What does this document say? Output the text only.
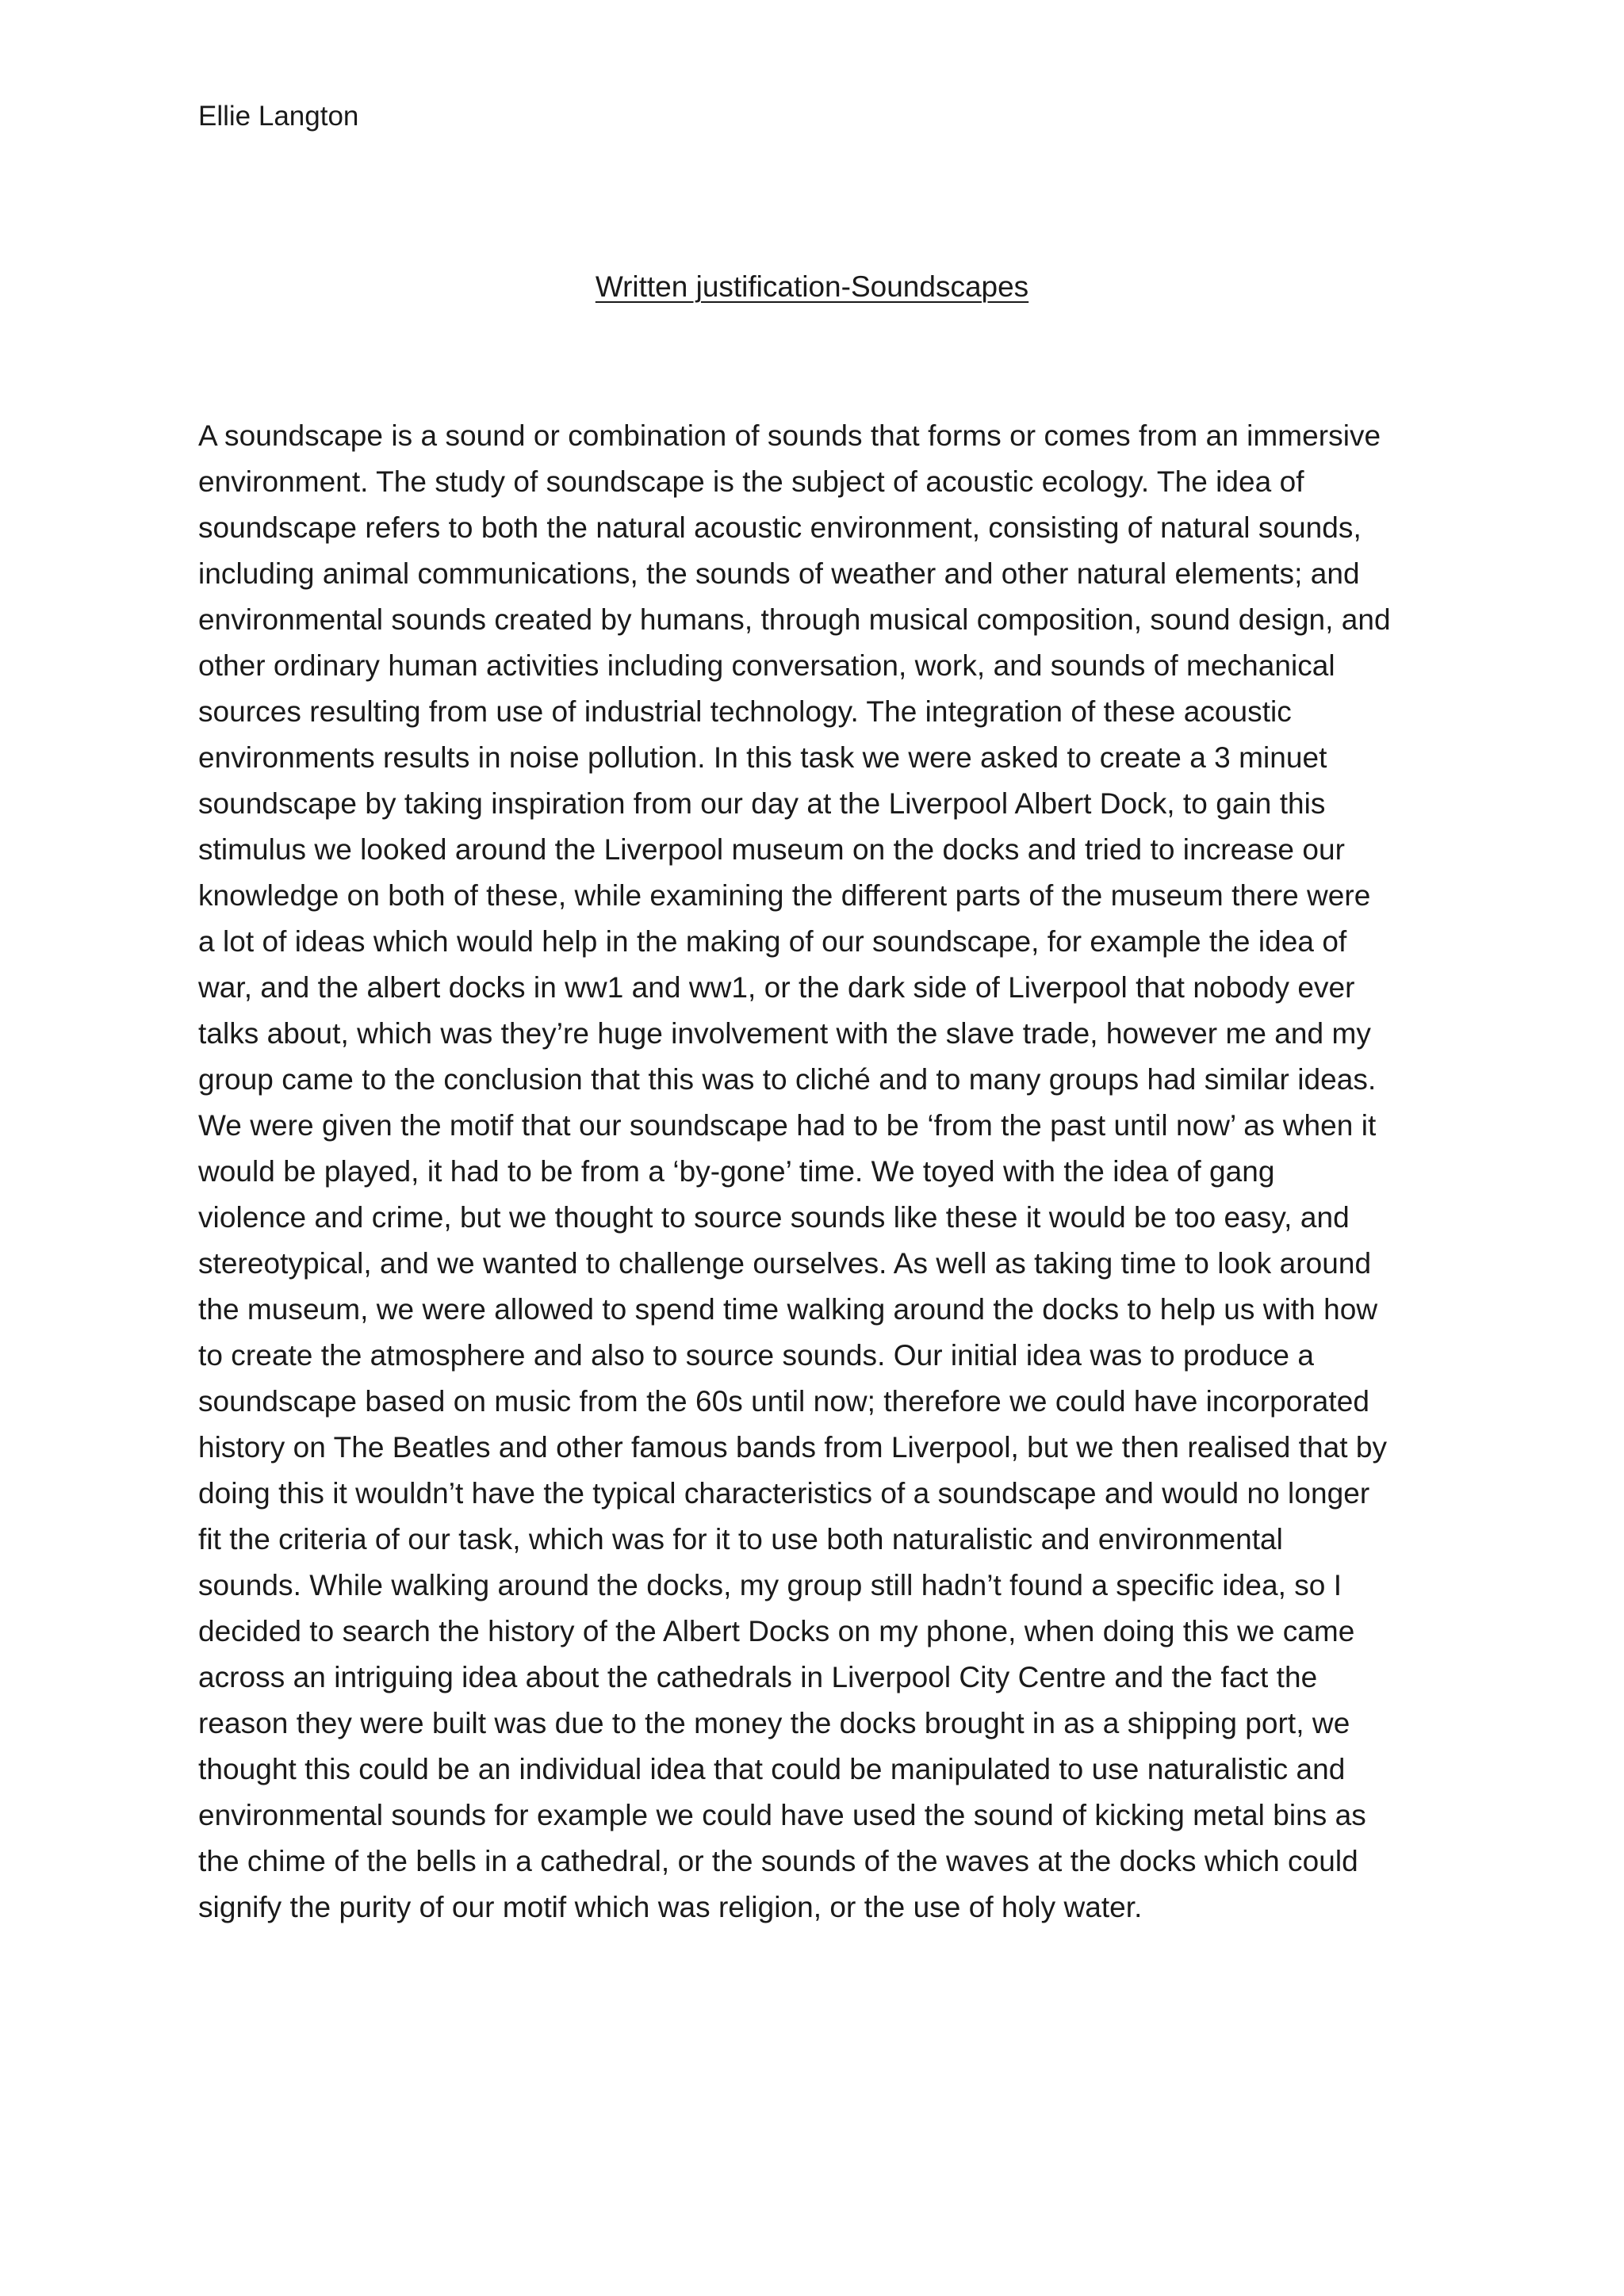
Ellie Langton

Written justification-Soundscapes
A soundscape is a sound or combination of sounds that forms or comes from an immersive
environment. The study of soundscape is the subject of acoustic ecology. The idea of
soundscape refers to both the natural acoustic environment, consisting of natural sounds,
including animal communications, the sounds of weather and other natural elements; and
environmental sounds created by humans, through musical composition, sound design, and
other ordinary human activities including conversation, work, and sounds of mechanical
sources resulting from use of industrial technology. The integration of these acoustic
environments results in noise pollution. In this task we were asked to create a 3 minuet
soundscape by taking inspiration from our day at the Liverpool Albert Dock, to gain this
stimulus we looked around the Liverpool museum on the docks and tried to increase our
knowledge on both of these, while examining the different parts of the museum there were
a lot of ideas which would help in the making of our soundscape, for example the idea of
war, and the albert docks in ww1 and ww1, or the dark side of Liverpool that nobody ever
talks about, which was they’re huge involvement with the slave trade, however me and my
group came to the conclusion that this was to cliché and to many groups had similar ideas.
We were given the motif that our soundscape had to be ‘from the past until now’ as when it
would be played, it had to be from a ‘by-gone’ time. We toyed with the idea of gang
violence and crime, but we thought to source sounds like these it would be too easy, and
stereotypical, and we wanted to challenge ourselves. As well as taking time to look around
the museum, we were allowed to spend time walking around the docks to help us with how
to create the atmosphere and also to source sounds. Our initial idea was to produce a
soundscape based on music from the 60s until now; therefore we could have incorporated
history on The Beatles and other famous bands from Liverpool, but we then realised that by
doing this it wouldn’t have the typical characteristics of a soundscape and would no longer
fit the criteria of our task, which was for it to use both naturalistic and environmental
sounds. While walking around the docks, my group still hadn’t found a specific idea, so I
decided to search the history of the Albert Docks on my phone, when doing this we came
across an intriguing idea about the cathedrals in Liverpool City Centre and the fact the
reason they were built was due to the money the docks brought in as a shipping port, we
thought this could be an individual idea that could be manipulated to use naturalistic and
environmental sounds for example we could have used the sound of kicking metal bins as
the chime of the bells in a cathedral, or the sounds of the waves at the docks which could
signify the purity of our motif which was religion, or the use of holy water.
